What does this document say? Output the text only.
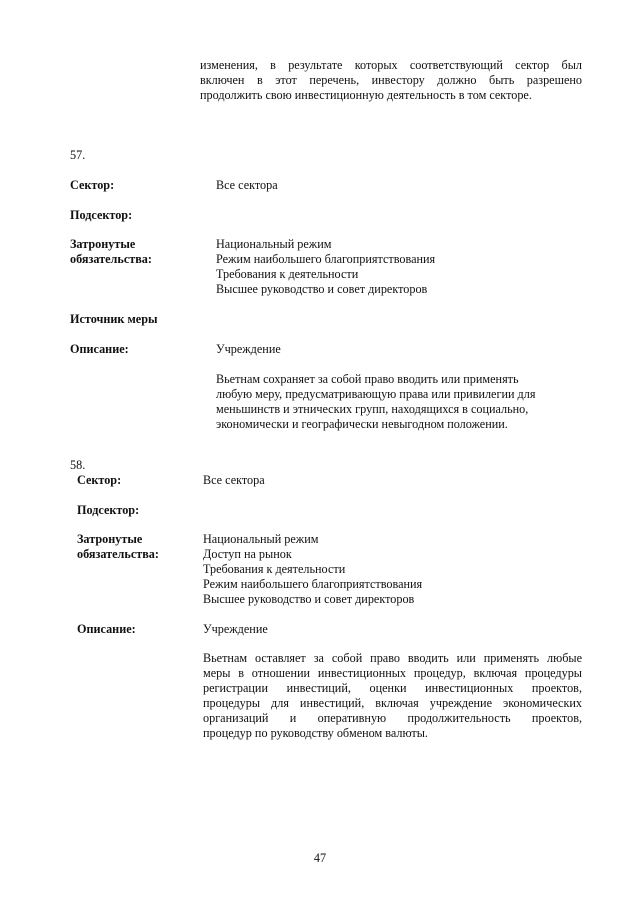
изменения, в результате которых соответствующий сектор был
включен в этот перечень, инвестору должно быть разрешено
продолжить свою инвестиционную деятельность в том секторе.
57.
Сектор:	Все сектора
Подсектор:
Затронутые
обязательства:
Национальный режим
Режим наибольшего благоприятствования
Требования к деятельности
Высшее руководство и совет директоров
Источник меры
Описание:	Учреждение
Вьетнам сохраняет за собой право вводить или применять
любую меру, предусматривающую права или привилегии для
меньшинств и этнических групп, находящихся в социально,
экономически и географически невыгодном положении.
58.
Сектор:	Все сектора
Подсектор:
Затронутые
обязательства:
Национальный режим
Доступ на рынок
Требования к деятельности
Режим наибольшего благоприятствования
Высшее руководство и совет директоров
Описание:	Учреждение
Вьетнам оставляет за собой право вводить или применять любые
меры в отношении инвестиционных процедур, включая процедуры
регистрации инвестиций, оценки инвестиционных проектов,
процедуры для инвестиций, включая учреждение экономических
организаций и оперативную продолжительность проектов,
процедур по руководству обменом валюты.
47
